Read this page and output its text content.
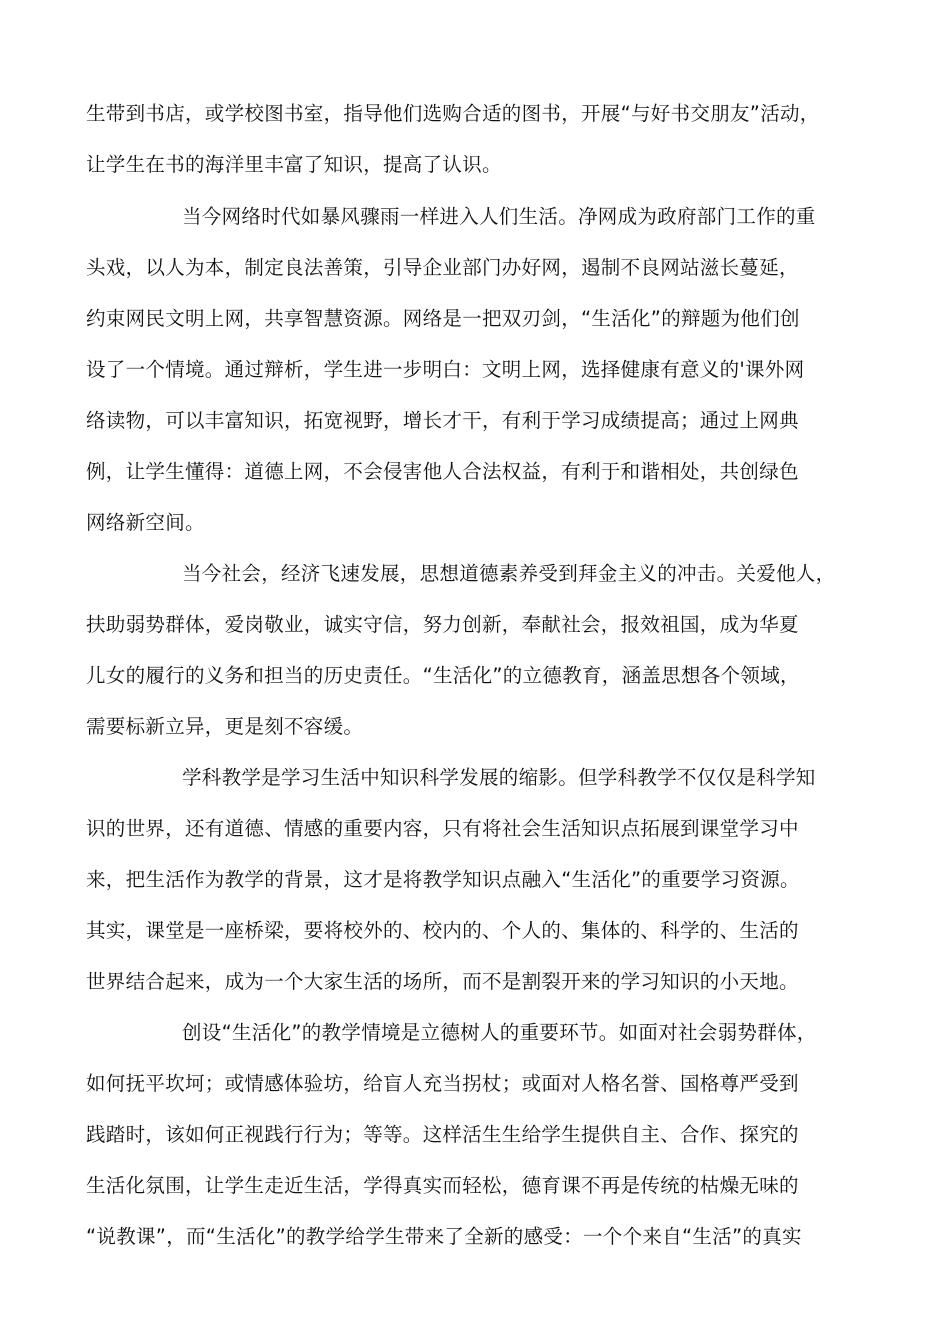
生带到书店，或学校图书室，指导他们选购合适的图书，开展“与好书交朋友”活动，
让学生在书的海洋里丰富了知识，提高了认识。
当今网络时代如暴风骤雨一样进入人们生活。净网成为政府部门工作的重
头戏，以人为本，制定良法善策，引导企业部门办好网，遏制不良网站滋长蔓延，
约束网民文明上网，共享智慧资源。网络是一把双刃剑，“生活化”的辩题为他们创
设了一个情境。通过辩析，学生进一步明白：文明上网，选择健康有意义的'课外网
络读物，可以丰富知识，拓宽视野，增长才干，有利于学习成绩提高；通过上网典
例，让学生懂得：道德上网，不会侵害他人合法权益，有利于和谐相处，共创绿色
网络新空间。
当今社会，经济飞速发展，思想道德素养受到拜金主义的冲击。关爱他人，
扶助弱势群体，爱岗敬业，诚实守信，努力创新，奉献社会，报效祖国，成为华夏
儿女的履行的义务和担当的历史责任。“生活化”的立德教育，涵盖思想各个领域，
需要标新立异，更是刻不容缓。
学科教学是学习生活中知识科学发展的缩影。但学科教学不仅仅是科学知
识的世界，还有道德、情感的重要内容，只有将社会生活知识点拓展到课堂学习中
来，把生活作为教学的背景，这才是将教学知识点融入“生活化”的重要学习资源。
其实，课堂是一座桥梁，要将校外的、校内的、个人的、集体的、科学的、生活的
世界结合起来，成为一个大家生活的场所，而不是割裂开来的学习知识的小天地。
创设“生活化”的教学情境是立德树人的重要环节。如面对社会弱势群体，
如何抚平坎坷；或情感体验坊，给盲人充当拐杖；或面对人格名誉、国格尊严受到
践踏时，该如何正视践行行为；等等。这样活生生给学生提供自主、合作、探究的
生活化氛围，让学生走近生活，学得真实而轻松，德育课不再是传统的枯燥无味的
“说教课”，而“生活化”的教学给学生带来了全新的感受：一个个来自“生活”的真实
